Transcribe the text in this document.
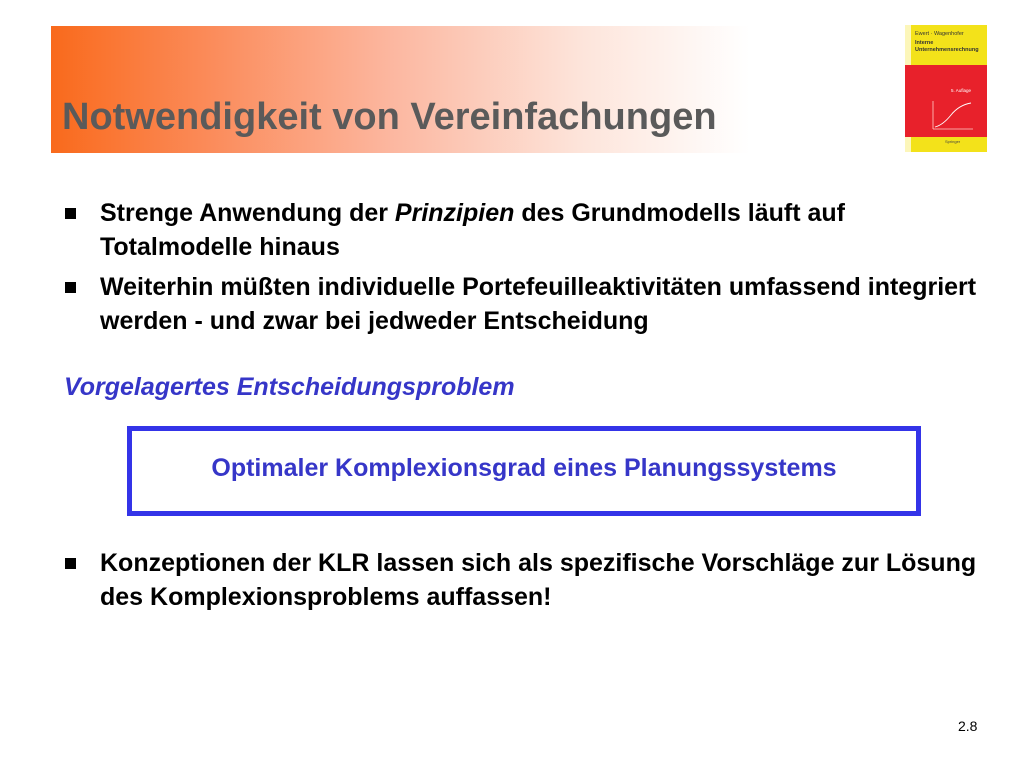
Notwendigkeit von Vereinfachungen
Ewert · Wagenhofer
Interne
Unternehmensrechnung
5. Auflage
Springer
Strenge Anwendung der Prinzipien des Grundmodells läuft auf Totalmodelle hinaus
Weiterhin müßten individuelle Portefeuilleaktivitäten umfassend integriert werden - und zwar bei jedweder Entscheidung
Vorgelagertes Entscheidungsproblem
Optimaler Komplexionsgrad eines Planungssystems
Konzeptionen der KLR lassen sich als spezifische Vorschläge zur Lösung des Komplexionsproblems auffassen!
2.8
